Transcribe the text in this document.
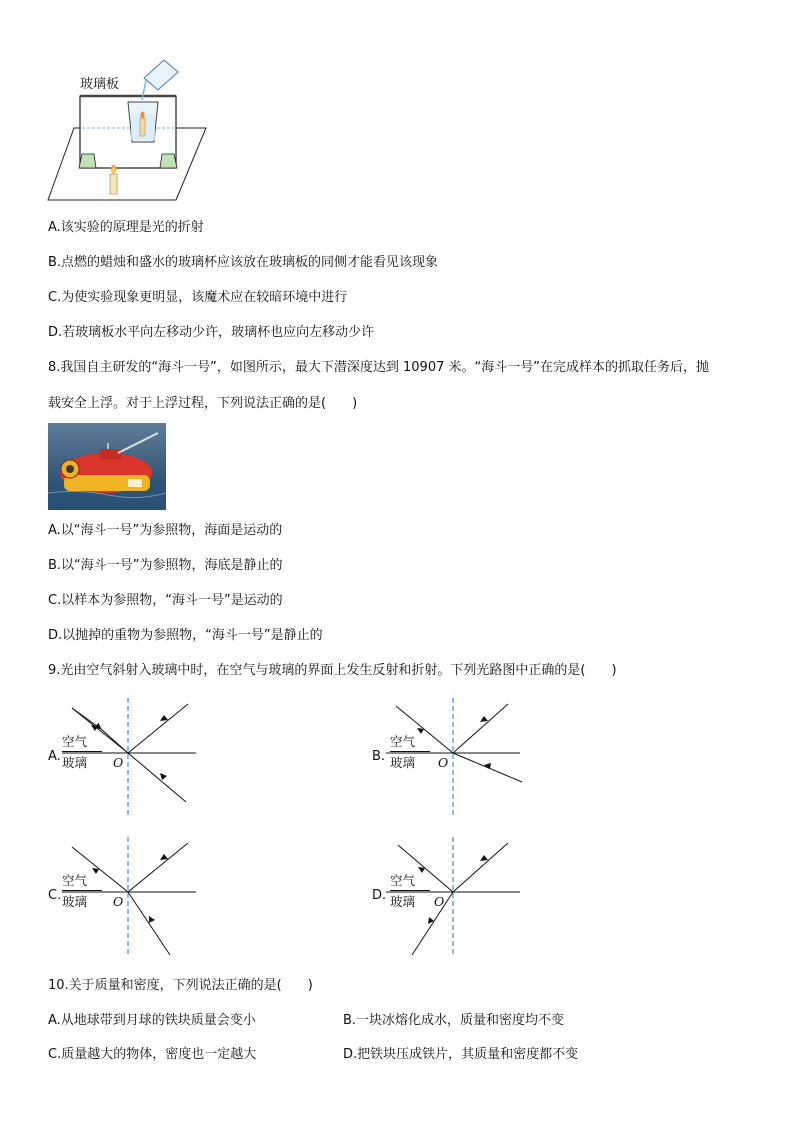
玻璃板
A.该实验的原理是光的折射
B.点燃的蜡烛和盛水的玻璃杯应该放在玻璃板的同侧才能看见该现象
C.为使实验现象更明显，该魔术应在较暗环境中进行
D.若玻璃板水平向左移动少许，玻璃杯也应向左移动少许
8.我国自主研发的“海斗一号”，如图所示，最大下潜深度达到 10907 米。“海斗一号”在完成样本的抓取任务后，抛
载安全上浮。对于上浮过程，下列说法正确的是(　　)
A.以“海斗一号”为参照物，海面是运动的
B.以“海斗一号”为参照物，海底是静止的
C.以样本为参照物，“海斗一号”是运动的
D.以抛掉的重物为参照物，“海斗一号”是静止的
9.光由空气斜射入玻璃中时，在空气与玻璃的界面上发生反射和折射。下列光路图中正确的是(　　)
空气
玻璃 O
A.
空气
玻璃 O
B.
空气
玻璃 O
C.
空气
玻璃 O
D.
10.关于质量和密度，下列说法正确的是(　　)
A.从地球带到月球的铁块质量会变小	B.一块冰熔化成水，质量和密度均不变
C.质量越大的物体，密度也一定越大	D.把铁块压成铁片，其质量和密度都不变
